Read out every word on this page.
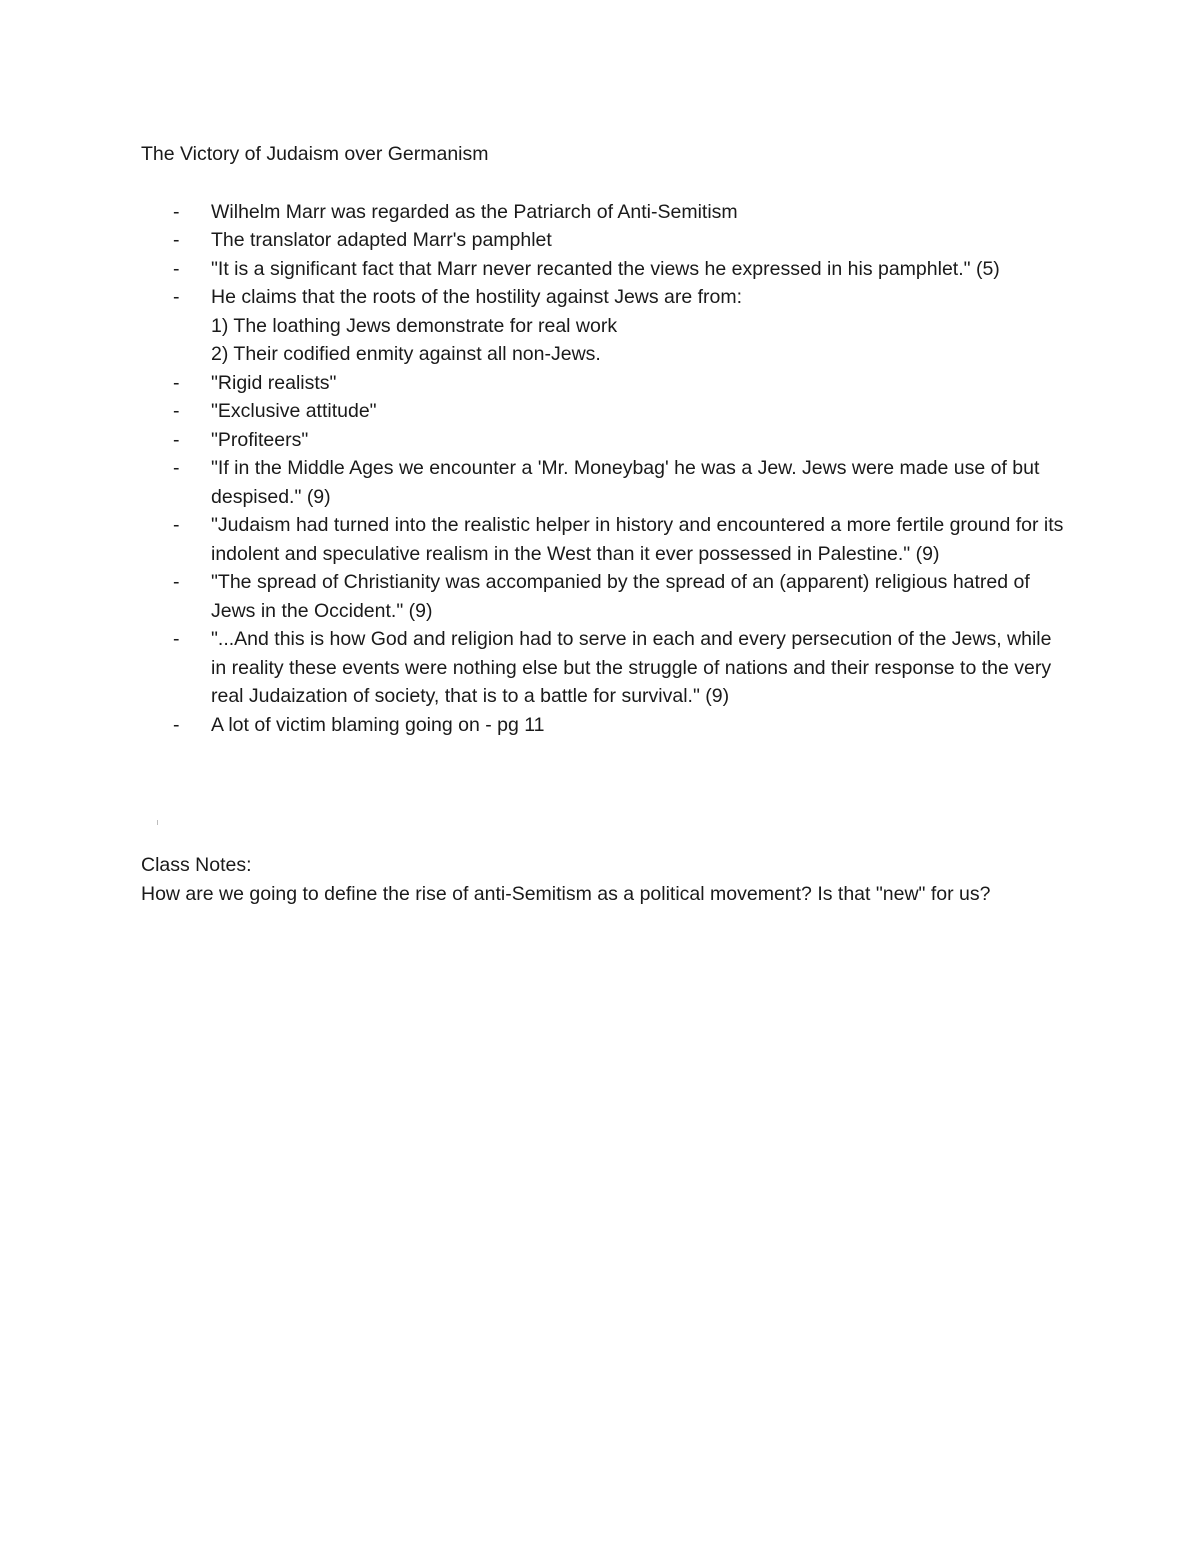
The Victory of Judaism over Germanism
- Wilhelm Marr was regarded as the Patriarch of Anti-Semitism
- The translator adapted Marr's pamphlet
- "It is a significant fact that Marr never recanted the views he expressed in his pamphlet." (5)
- He claims that the roots of the hostility against Jews are from:
1) The loathing Jews demonstrate for real work
2) Their codified enmity against all non-Jews.
- "Rigid realists"
- "Exclusive attitude"
- "Profiteers"
- "If in the Middle Ages we encounter a 'Mr. Moneybag' he was a Jew. Jews were made use of but despised." (9)
- "Judaism had turned into the realistic helper in history and encountered a more fertile ground for its indolent and speculative realism in the West than it ever possessed in Palestine." (9)
- "The spread of Christianity was accompanied by the spread of an (apparent) religious hatred of Jews in the Occident." (9)
- "...And this is how God and religion had to serve in each and every persecution of the Jews, while in reality these events were nothing else but the struggle of nations and their response to the very real Judaization of society, that is to a battle for survival." (9)
- A lot of victim blaming going on - pg 11

Class Notes:

How are we going to define the rise of anti-Semitism as a political movement? Is that "new" for us?
